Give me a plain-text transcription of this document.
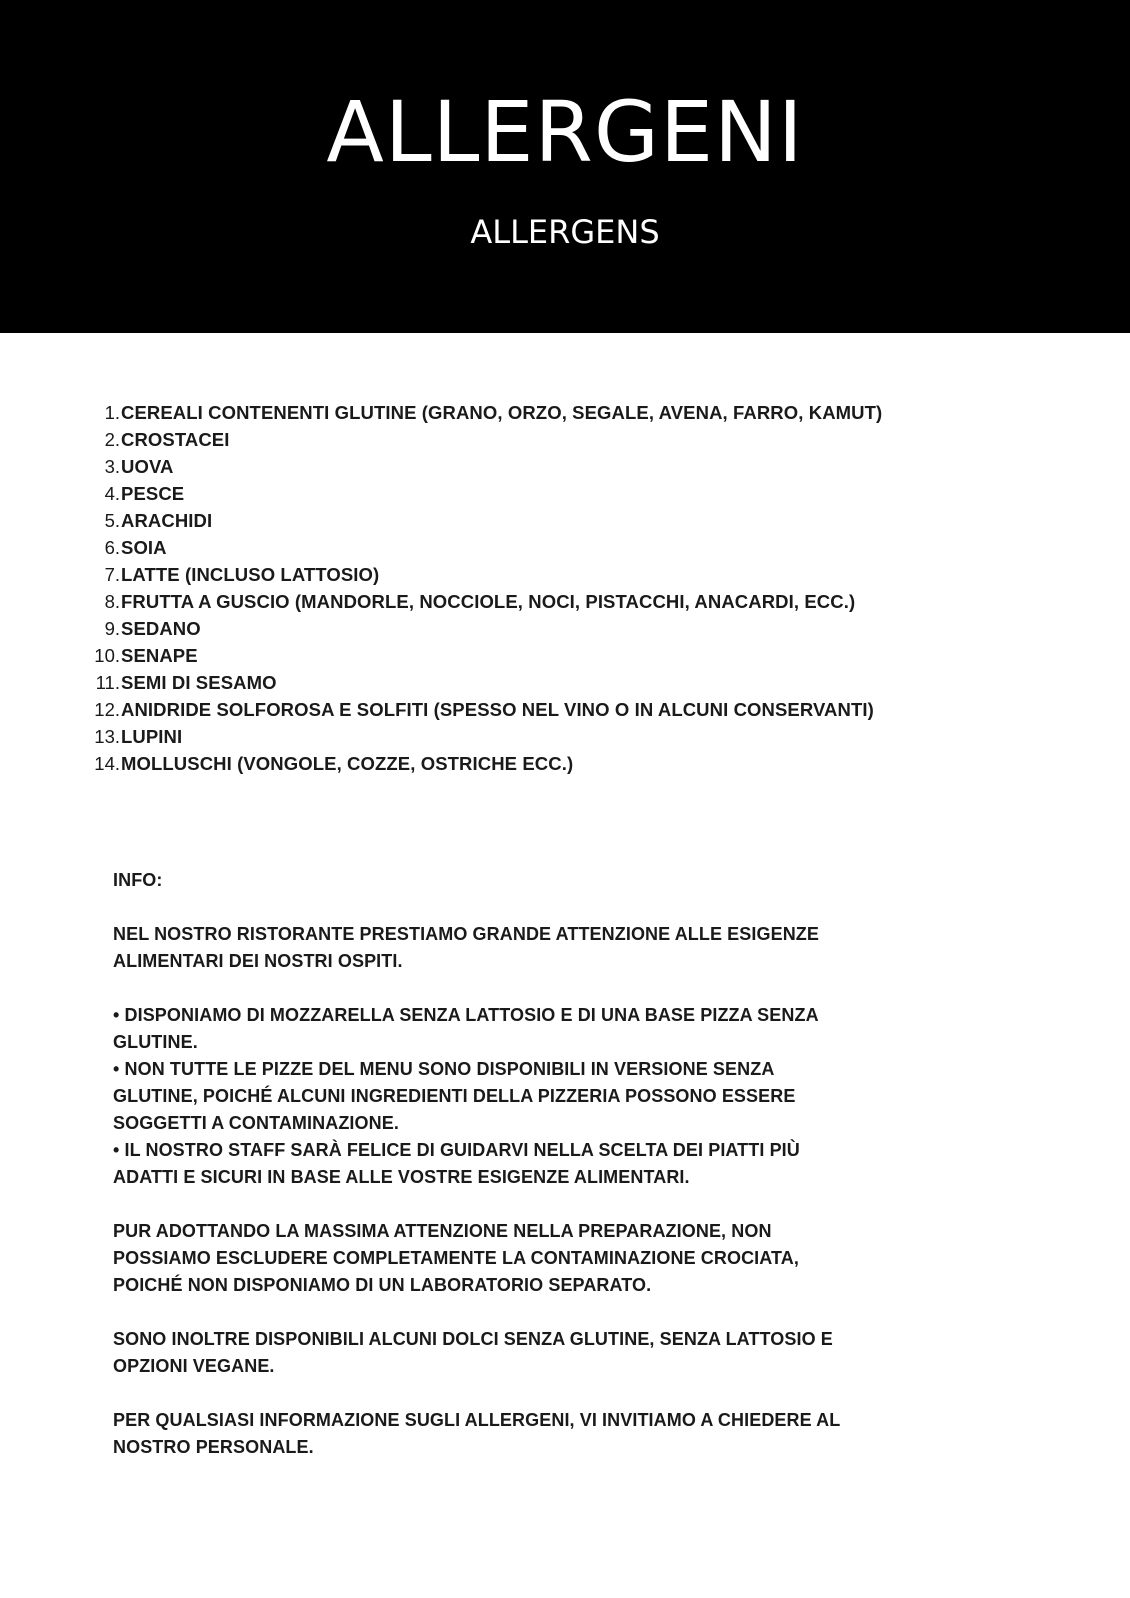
ALLERGENI
ALLERGENS
1. CEREALI CONTENENTI GLUTINE (GRANO, ORZO, SEGALE, AVENA, FARRO, KAMUT)
2. CROSTACEI
3. UOVA
4. PESCE
5. ARACHIDI
6. SOIA
7. LATTE (INCLUSO LATTOSIO)
8. FRUTTA A GUSCIO (MANDORLE, NOCCIOLE, NOCI, PISTACCHI, ANACARDI, ECC.)
9. SEDANO
10. SENAPE
11. SEMI DI SESAMO
12. ANIDRIDE SOLFOROSA E SOLFITI (SPESSO NEL VINO O IN ALCUNI CONSERVANTI)
13. LUPINI
14. MOLLUSCHI (VONGOLE, COZZE, OSTRICHE ECC.)

INFO:

NEL NOSTRO RISTORANTE PRESTIAMO GRANDE ATTENZIONE ALLE ESIGENZE ALIMENTARI DEI NOSTRI OSPITI.

• DISPONIAMO DI MOZZARELLA SENZA LATTOSIO E DI UNA BASE PIZZA SENZA GLUTINE.

• NON TUTTE LE PIZZE DEL MENU SONO DISPONIBILI IN VERSIONE SENZA GLUTINE, POICHÉ ALCUNI INGREDIENTI DELLA PIZZERIA POSSONO ESSERE SOGGETTI A CONTAMINAZIONE.

• IL NOSTRO STAFF SARÀ FELICE DI GUIDARVI NELLA SCELTA DEI PIATTI PIÙ ADATTI E SICURI IN BASE ALLE VOSTRE ESIGENZE ALIMENTARI.

PUR ADOTTANDO LA MASSIMA ATTENZIONE NELLA PREPARAZIONE, NON POSSIAMO ESCLUDERE COMPLETAMENTE LA CONTAMINAZIONE CROCIATA, POICHÉ NON DISPONIAMO DI UN LABORATORIO SEPARATO.

SONO INOLTRE DISPONIBILI ALCUNI DOLCI SENZA GLUTINE, SENZA LATTOSIO E OPZIONI VEGANE.

PER QUALSIASI INFORMAZIONE SUGLI ALLERGENI, VI INVITIAMO A CHIEDERE AL NOSTRO PERSONALE.
